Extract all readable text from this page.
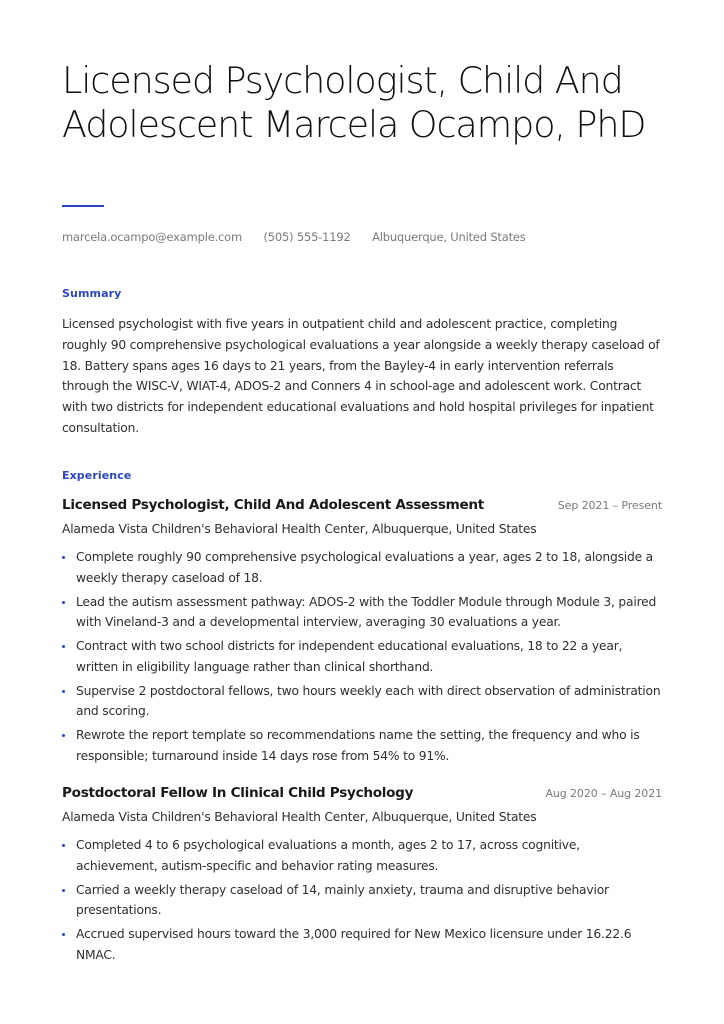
Licensed Psychologist, Child And Adolescent Marcela Ocampo, PhD
marcela.ocampo@example.com (505) 555-1192 Albuquerque, United States
Summary

Licensed psychologist with five years in outpatient child and adolescent practice, completing roughly 90 comprehensive psychological evaluations a year alongside a weekly therapy caseload of 18. Battery spans ages 16 days to 21 years, from the Bayley-4 in early intervention referrals through the WISC-V, WIAT-4, ADOS-2 and Conners 4 in school-age and adolescent work. Contract with two districts for independent educational evaluations and hold hospital privileges for inpatient consultation.

Experience
Licensed Psychologist, Child And Adolescent Assessment	Sep 2021 – Present
Alameda Vista Children's Behavioral Health Center, Albuquerque, United States
Complete roughly 90 comprehensive psychological evaluations a year, ages 2 to 18, alongside a weekly therapy caseload of 18.
Lead the autism assessment pathway: ADOS-2 with the Toddler Module through Module 3, paired with Vineland-3 and a developmental interview, averaging 30 evaluations a year.
Contract with two school districts for independent educational evaluations, 18 to 22 a year, written in eligibility language rather than clinical shorthand.
Supervise 2 postdoctoral fellows, two hours weekly each with direct observation of administration and scoring.
Rewrote the report template so recommendations name the setting, the frequency and who is responsible; turnaround inside 14 days rose from 54% to 91%.
Postdoctoral Fellow In Clinical Child Psychology	Aug 2020 – Aug 2021
Alameda Vista Children's Behavioral Health Center, Albuquerque, United States
Completed 4 to 6 psychological evaluations a month, ages 2 to 17, across cognitive, achievement, autism-specific and behavior rating measures.
Carried a weekly therapy caseload of 14, mainly anxiety, trauma and disruptive behavior presentations.
Accrued supervised hours toward the 3,000 required for New Mexico licensure under 16.22.6 NMAC.
